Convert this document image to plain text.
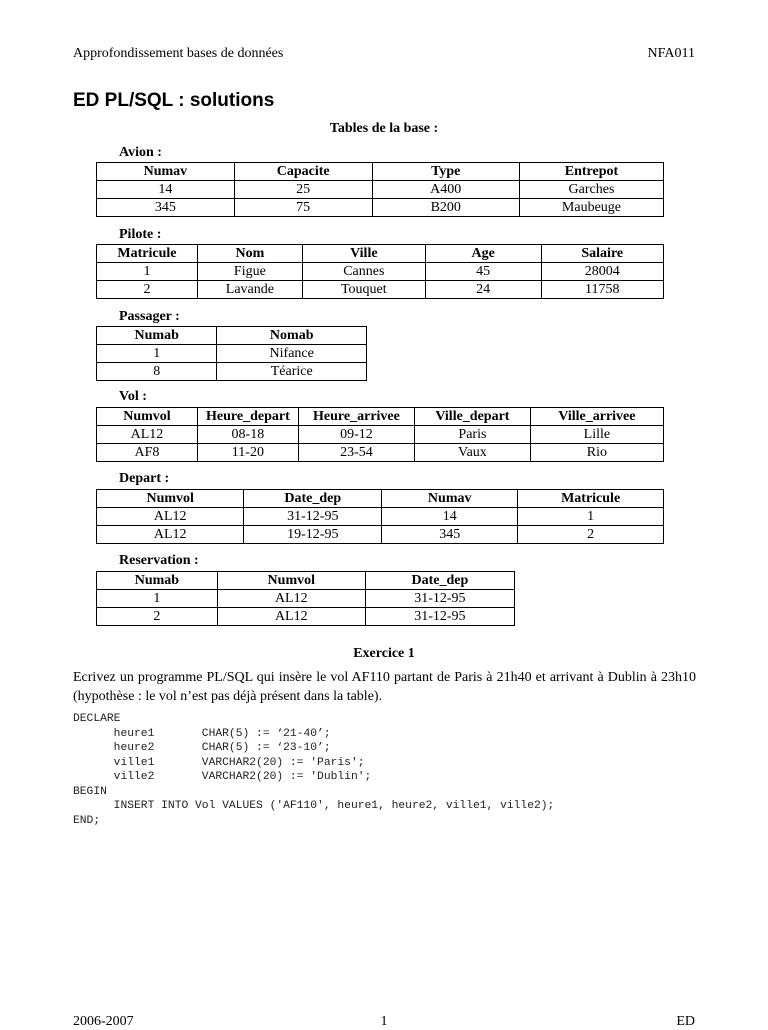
Approfondissement bases de données	NFA011
ED PL/SQL : solutions
Tables de la base :
Avion :
Numav	Capacite	Type	Entrepot
14	25	A400	Garches
345	75	B200	Maubeuge
Pilote :
Matricule	Nom	Ville	Age	Salaire
1	Figue	Cannes	45	28004
2	Lavande	Touquet	24	11758
Passager :
Numab	Nomab
1	Nifance
8	Téarice
Vol :
Numvol	Heure_depart	Heure_arrivee	Ville_depart	Ville_arrivee
AL12	08-18	09-12	Paris	Lille
AF8	11-20	23-54	Vaux	Rio
Depart :
Numvol	Date_dep	Numav	Matricule
AL12	31-12-95	14	1
AL12	19-12-95	345	2
Reservation :
Numab	Numvol	Date_dep
1	AL12	31-12-95
2	AL12	31-12-95
Exercice 1
Ecrivez un programme PL/SQL qui insère le vol AF110 partant de Paris à 21h40 et arrivant à Dublin à 23h10 (hypothèse : le vol n’est pas déjà présent dans la table).
DECLARE
heure1       CHAR(5) := ‘21-40’;
heure2       CHAR(5) := ‘23-10’;
ville1       VARCHAR2(20) := 'Paris';
ville2       VARCHAR2(20) := 'Dublin';
BEGIN
INSERT INTO Vol VALUES ('AF110', heure1, heure2, ville1, ville2);
END;
2006-2007	1	ED
